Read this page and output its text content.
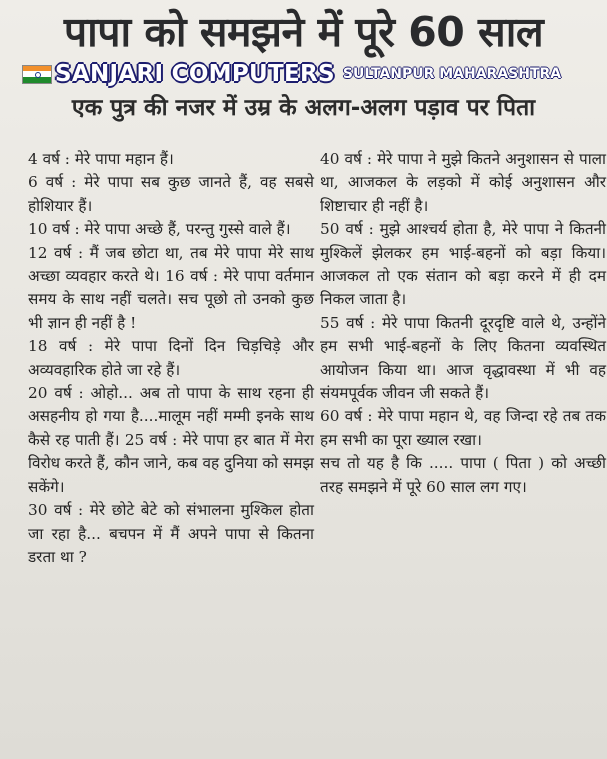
पापा को समझने में पूरे 60 साल
SANJARI COMPUTERS SULTANPUR MAHARASHTRA
एक पुत्र की नजर में उम्र के अलग-अलग पड़ाव पर पिता

4 वर्ष : मेरे पापा महान हैं।

6 वर्ष : मेरे पापा सब कुछ जानते हैं, वह सबसे होशियार हैं।

10 वर्ष : मेरे पापा अच्छे हैं, परन्तु गुस्से वाले हैं।

12 वर्ष : मैं जब छोटा था, तब मेरे पापा मेरे साथ अच्छा व्यवहार करते थे। 16 वर्ष : मेरे पापा वर्तमान समय के साथ नहीं चलते। सच पूछो तो उनको कुछ भी ज्ञान ही नहीं है !

18 वर्ष : मेरे पापा दिनों दिन चिड़चिड़े और अव्यवहारिक होते जा रहे हैं।

20 वर्ष : ओहो... अब तो पापा के साथ रहना ही असहनीय हो गया है....मालूम नहीं मम्मी इनके साथ कैसे रह पाती हैं। 25 वर्ष : मेरे पापा हर बात में मेरा विरोध करते हैं, कौन जाने, कब वह दुनिया को समझ सकेंगे।

30 वर्ष : मेरे छोटे बेटे को संभालना मुश्किल होता जा रहा है... बचपन में मैं अपने पापा से कितना डरता था ?

40 वर्ष : मेरे पापा ने मुझे कितने अनुशासन से पाला था, आजकल के लड़को में कोई अनुशासन और शिष्टाचार ही नहीं है।

50 वर्ष : मुझे आश्चर्य होता है, मेरे पापा ने कितनी मुश्किलें झेलकर हम भाई-बहनों को बड़ा किया। आजकल तो एक संतान को बड़ा करने में ही दम निकल जाता है।

55 वर्ष : मेरे पापा कितनी दूरदृष्टि वाले थे, उन्होंने हम सभी भाई-बहनों के लिए कितना व्यवस्थित आयोजन किया था। आज वृद्धावस्था में भी वह संयमपूर्वक जीवन जी सकते हैं।

60 वर्ष : मेरे पापा महान थे, वह जिन्दा रहे तब तक हम सभी का पूरा ख्याल रखा।

सच तो यह है कि ..... पापा ( पिता ) को अच्छी तरह समझने में पूरे 60 साल लग गए।
